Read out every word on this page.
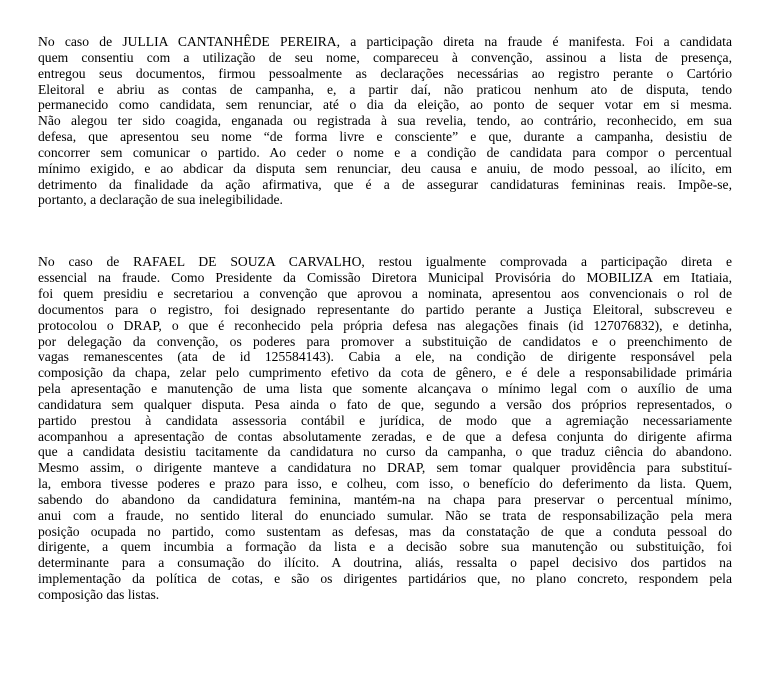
No caso de JULLIA CANTANHÊDE PEREIRA, a participação direta na fraude é manifesta. Foi a candidata
quem consentiu com a utilização de seu nome, compareceu à convenção, assinou a lista de presença,
entregou seus documentos, firmou pessoalmente as declarações necessárias ao registro perante o Cartório
Eleitoral e abriu as contas de campanha, e, a partir daí, não praticou nenhum ato de disputa, tendo
permanecido como candidata, sem renunciar, até o dia da eleição, ao ponto de sequer votar em si mesma.
Não alegou ter sido coagida, enganada ou registrada à sua revelia, tendo, ao contrário, reconhecido, em sua
defesa, que apresentou seu nome “de forma livre e consciente” e que, durante a campanha, desistiu de
concorrer sem comunicar o partido. Ao ceder o nome e a condição de candidata para compor o percentual
mínimo exigido, e ao abdicar da disputa sem renunciar, deu causa e anuiu, de modo pessoal, ao ilícito, em
detrimento da finalidade da ação afirmativa, que é a de assegurar candidaturas femininas reais. Impõe-se,
portanto, a declaração de sua inelegibilidade.
No caso de RAFAEL DE SOUZA CARVALHO, restou igualmente comprovada a participação direta e
essencial na fraude. Como Presidente da Comissão Diretora Municipal Provisória do MOBILIZA em Itatiaia,
foi quem presidiu e secretariou a convenção que aprovou a nominata, apresentou aos convencionais o rol de
documentos para o registro, foi designado representante do partido perante a Justiça Eleitoral, subscreveu e
protocolou o DRAP, o que é reconhecido pela própria defesa nas alegações finais (id 127076832), e detinha,
por delegação da convenção, os poderes para promover a substituição de candidatos e o preenchimento de
vagas remanescentes (ata de id 125584143). Cabia a ele, na condição de dirigente responsável pela
composição da chapa, zelar pelo cumprimento efetivo da cota de gênero, e é dele a responsabilidade primária
pela apresentação e manutenção de uma lista que somente alcançava o mínimo legal com o auxílio de uma
candidatura sem qualquer disputa. Pesa ainda o fato de que, segundo a versão dos próprios representados, o
partido prestou à candidata assessoria contábil e jurídica, de modo que a agremiação necessariamente
acompanhou a apresentação de contas absolutamente zeradas, e de que a defesa conjunta do dirigente afirma
que a candidata desistiu tacitamente da candidatura no curso da campanha, o que traduz ciência do abandono.
Mesmo assim, o dirigente manteve a candidatura no DRAP, sem tomar qualquer providência para substituí-
la, embora tivesse poderes e prazo para isso, e colheu, com isso, o benefício do deferimento da lista. Quem,
sabendo do abandono da candidatura feminina, mantém-na na chapa para preservar o percentual mínimo,
anui com a fraude, no sentido literal do enunciado sumular. Não se trata de responsabilização pela mera
posição ocupada no partido, como sustentam as defesas, mas da constatação de que a conduta pessoal do
dirigente, a quem incumbia a formação da lista e a decisão sobre sua manutenção ou substituição, foi
determinante para a consumação do ilícito. A doutrina, aliás, ressalta o papel decisivo dos partidos na
implementação da política de cotas, e são os dirigentes partidários que, no plano concreto, respondem pela
composição das listas.
